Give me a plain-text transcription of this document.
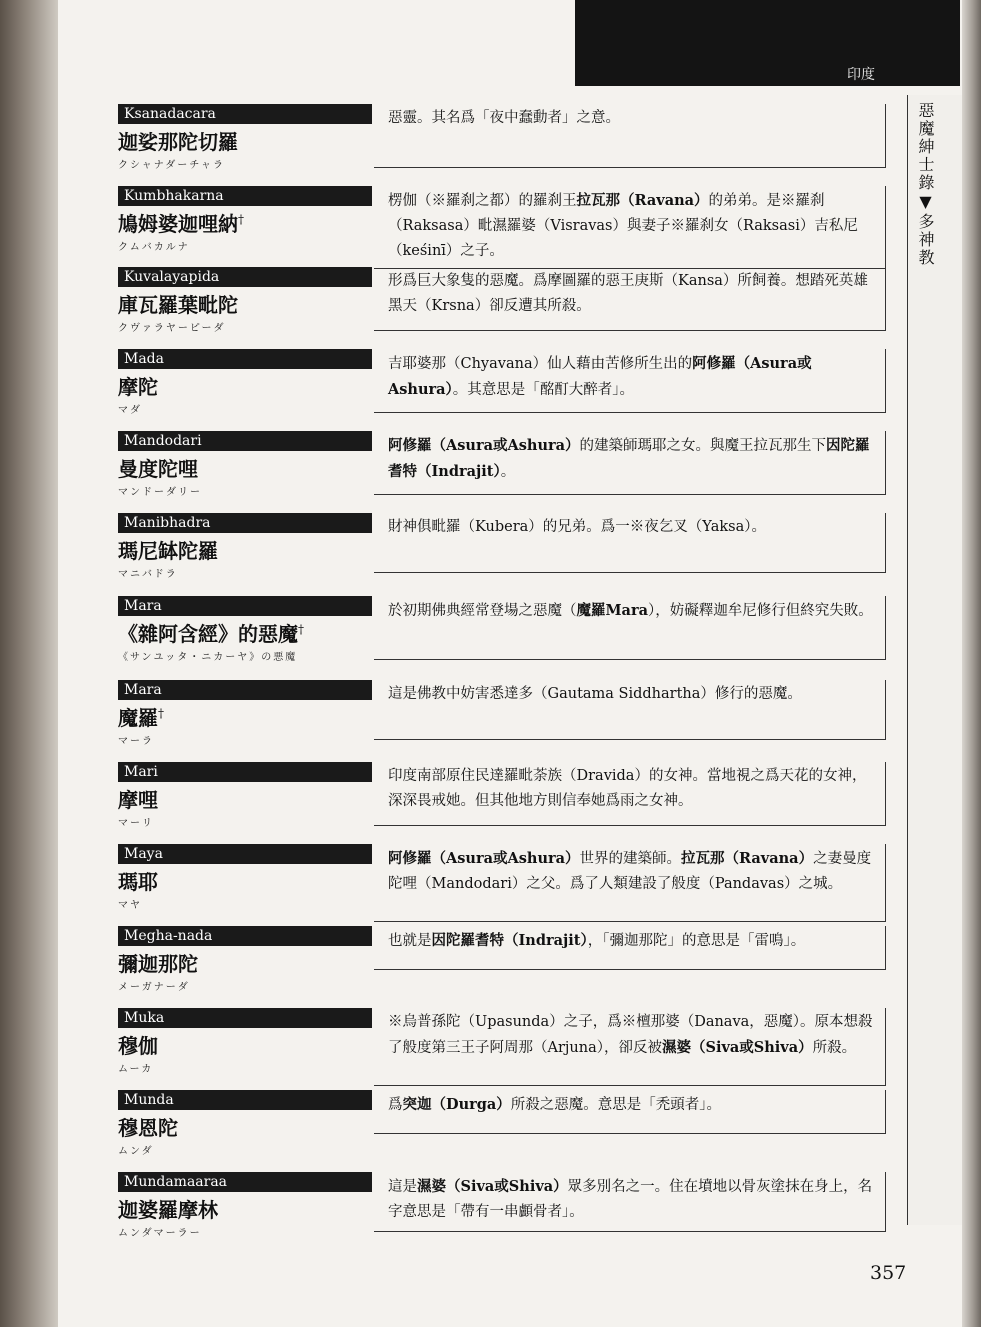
印度
惡魔紳士錄▼多神教
Ksanadacara
迦娑那陀切羅
クシャナダーチャラ
惡靈。其名爲「夜中蠢動者」之意。
Kumbhakarna
鳩姆婆迦哩納†
クムバカルナ
楞伽（※羅刹之都）的羅刹王拉瓦那（Ravana）的弟弟。是※羅刹（Raksasa）毗濕羅婆（Visravas）與妻子※羅刹女（Raksasi）吉私尼（keśinī）之子。
Kuvalayapida
庫瓦羅葉毗陀
クヴァラヤーピーダ
形爲巨大象隻的惡魔。爲摩圖羅的惡王庚斯（Kansa）所飼養。想踏死英雄黑天（Krsna）卻反遭其所殺。
Mada
摩陀
マダ
吉耶婆那（Chyavana）仙人藉由苦修所生出的阿修羅（Asura或Ashura）。其意思是「酩酊大醉者」。
Mandodari
曼度陀哩
マンドーダリー
阿修羅（Asura或Ashura）的建築師瑪耶之女。與魔王拉瓦那生下因陀羅耆特（Indrajit）。
Manibhadra
瑪尼缽陀羅
マニバドラ
財神俱毗羅（Kubera）的兄弟。爲一※夜乞叉（Yaksa）。
Mara
《雜阿含經》的惡魔†
《サンユッタ・ニカーヤ》の悪魔
於初期佛典經常登場之惡魔（魔羅Mara），妨礙釋迦牟尼修行但終究失敗。
Mara
魔羅†
マーラ
這是佛教中妨害悉達多（Gautama Siddhartha）修行的惡魔。
Mari
摩哩
マーリ
印度南部原住民達羅毗荼族（Dravida）的女神。當地視之爲天花的女神，深深畏戒她。但其他地方則信奉她爲雨之女神。
Maya
瑪耶
マヤ
阿修羅（Asura或Ashura）世界的建築師。拉瓦那（Ravana）之妻曼度陀哩（Mandodari）之父。爲了人類建設了般度（Pandavas）之城。
Megha-nada
彌迦那陀
メーガナーダ
也就是因陀羅耆特（Indrajit），「彌迦那陀」的意思是「雷鳴」。
Muka
穆伽
ムーカ
※烏普孫陀（Upasunda）之子，爲※檀那婆（Danava，惡魔）。原本想殺了般度第三王子阿周那（Arjuna），卻反被濕婆（Siva或Shiva）所殺。
Munda
穆恩陀
ムンダ
爲突迦（Durga）所殺之惡魔。意思是「禿頭者」。
Mundamaaraa
迦婆羅摩林
ムンダマーラー
這是濕婆（Siva或Shiva）眾多別名之一。住在墳地以骨灰塗抹在身上，名字意思是「帶有一串顱骨者」。
357
